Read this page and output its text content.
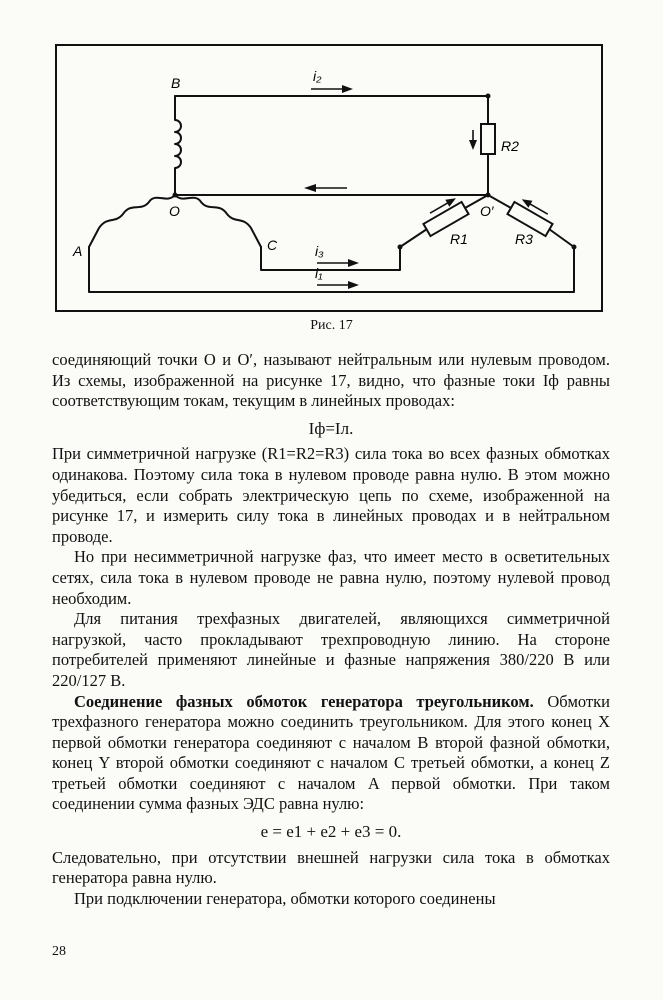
B
O
A	C
O′
R1
R2
R3
i₂
i₃
i₁
Рис. 17

соединяющий точки O и O′, называют нейтральным или нулевым проводом. Из схемы, изображенной на рисунке 17, видно, что фазные токи Iф равны соответствующим токам, текущим в линейных проводах:

Iф=Iл.

При симметричной нагрузке (R1=R2=R3) сила тока во всех фазных обмотках одинакова. Поэтому сила тока в нулевом проводе равна нулю. В этом можно убедиться, если собрать электрическую цепь по схеме, изображенной на рисунке 17, и измерить силу тока в линейных проводах и в нейтральном проводе.

Но при несимметричной нагрузке фаз, что имеет место в осветительных сетях, сила тока в нулевом проводе не равна нулю, поэтому нулевой провод необходим.

Для питания трехфазных двигателей, являющихся симметричной нагрузкой, часто прокладывают трехпроводную линию. На стороне потребителей применяют линейные и фазные напряжения 380/220 В или 220/127 В.

Соединение фазных обмоток генератора треугольником. Обмотки трехфазного генератора можно соединить треугольником. Для этого конец X первой обмотки генератора соединяют с началом B второй фазной обмотки, конец Y второй обмотки соединяют с началом C третьей обмотки, а конец Z третьей обмотки соединяют с началом A первой обмотки. При таком соединении сумма фазных ЭДС равна нулю:

e = e1 + e2 + e3 = 0.

Следовательно, при отсутствии внешней нагрузки сила тока в обмотках генератора равна нулю.

При подключении генератора, обмотки которого соединены

28
